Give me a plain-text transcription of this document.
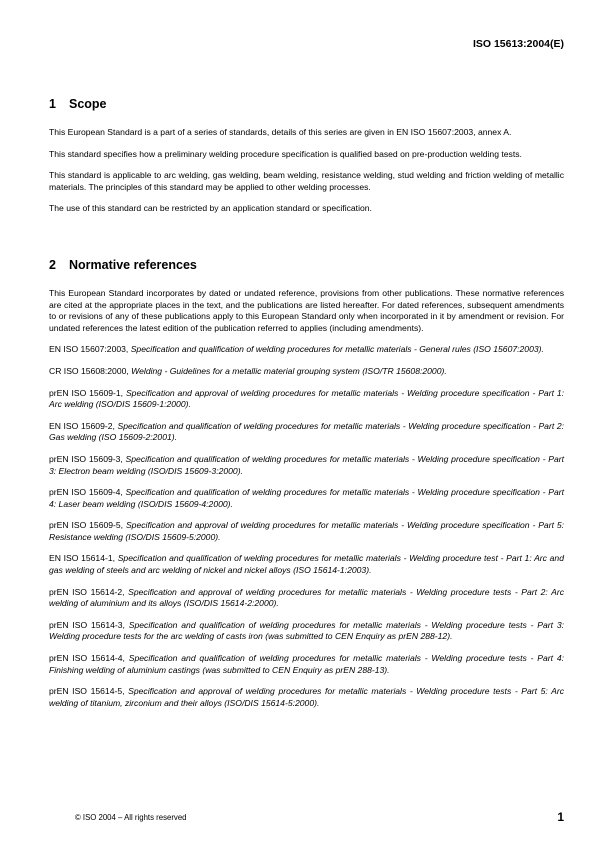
ISO 15613:2004(E)
1 Scope

This European Standard is a part of a series of standards, details of this series are given in EN ISO 15607:2003, annex A.

This standard specifies how a preliminary welding procedure specification is qualified based on pre-production welding tests.

This standard is applicable to arc welding, gas welding, beam welding, resistance welding, stud welding and friction welding of metallic materials. The principles of this standard may be applied to other welding processes.

The use of this standard can be restricted by an application standard or specification.

2 Normative references

This European Standard incorporates by dated or undated reference, provisions from other publications. These normative references are cited at the appropriate places in the text, and the publications are listed hereafter. For dated references, subsequent amendments to or revisions of any of these publications apply to this European Standard only when incorporated in it by amendment or revision. For undated references the latest edition of the publication referred to applies (including amendments).

EN ISO 15607:2003, Specification and qualification of welding procedures for metallic materials - General rules (ISO 15607:2003).

CR ISO 15608:2000, Welding - Guidelines for a metallic material grouping system (ISO/TR 15608:2000).

prEN ISO 15609-1, Specification and approval of welding procedures for metallic materials - Welding procedure specification - Part 1: Arc welding (ISO/DIS 15609-1:2000).

EN ISO 15609-2, Specification and qualification of welding procedures for metallic materials - Welding procedure specification - Part 2: Gas welding (ISO 15609-2:2001).

prEN ISO 15609-3, Specification and qualification of welding procedures for metallic materials - Welding procedure specification - Part 3: Electron beam welding (ISO/DIS 15609-3:2000).

prEN ISO 15609-4, Specification and qualification of welding procedures for metallic materials - Welding procedure specification - Part 4: Laser beam welding (ISO/DIS 15609-4:2000).

prEN ISO 15609-5, Specification and approval of welding procedures for metallic materials - Welding procedure specification - Part 5: Resistance welding (ISO/DIS 15609-5:2000).

EN ISO 15614-1, Specification and qualification of welding procedures for metallic materials - Welding procedure test - Part 1: Arc and gas welding of steels and arc welding of nickel and nickel alloys (ISO 15614-1:2003).

prEN ISO 15614-2, Specification and approval of welding procedures for metallic materials - Welding procedure tests - Part 2: Arc welding of aluminium and its alloys (ISO/DIS 15614-2:2000).

prEN ISO 15614-3, Specification and qualification of welding procedures for metallic materials - Welding procedure tests - Part 3: Welding procedure tests for the arc welding of casts iron (was submitted to CEN Enquiry as prEN 288-12).

prEN ISO 15614-4, Specification and qualification of welding procedures for metallic materials - Welding procedure tests - Part 4: Finishing welding of aluminium castings (was submitted to CEN Enquiry as prEN 288-13).

prEN ISO 15614-5, Specification and approval of welding procedures for metallic materials - Welding procedure tests - Part 5: Arc welding of titanium, zirconium and their alloys (ISO/DIS 15614-5:2000).

© ISO 2004 – All rights reserved	1
